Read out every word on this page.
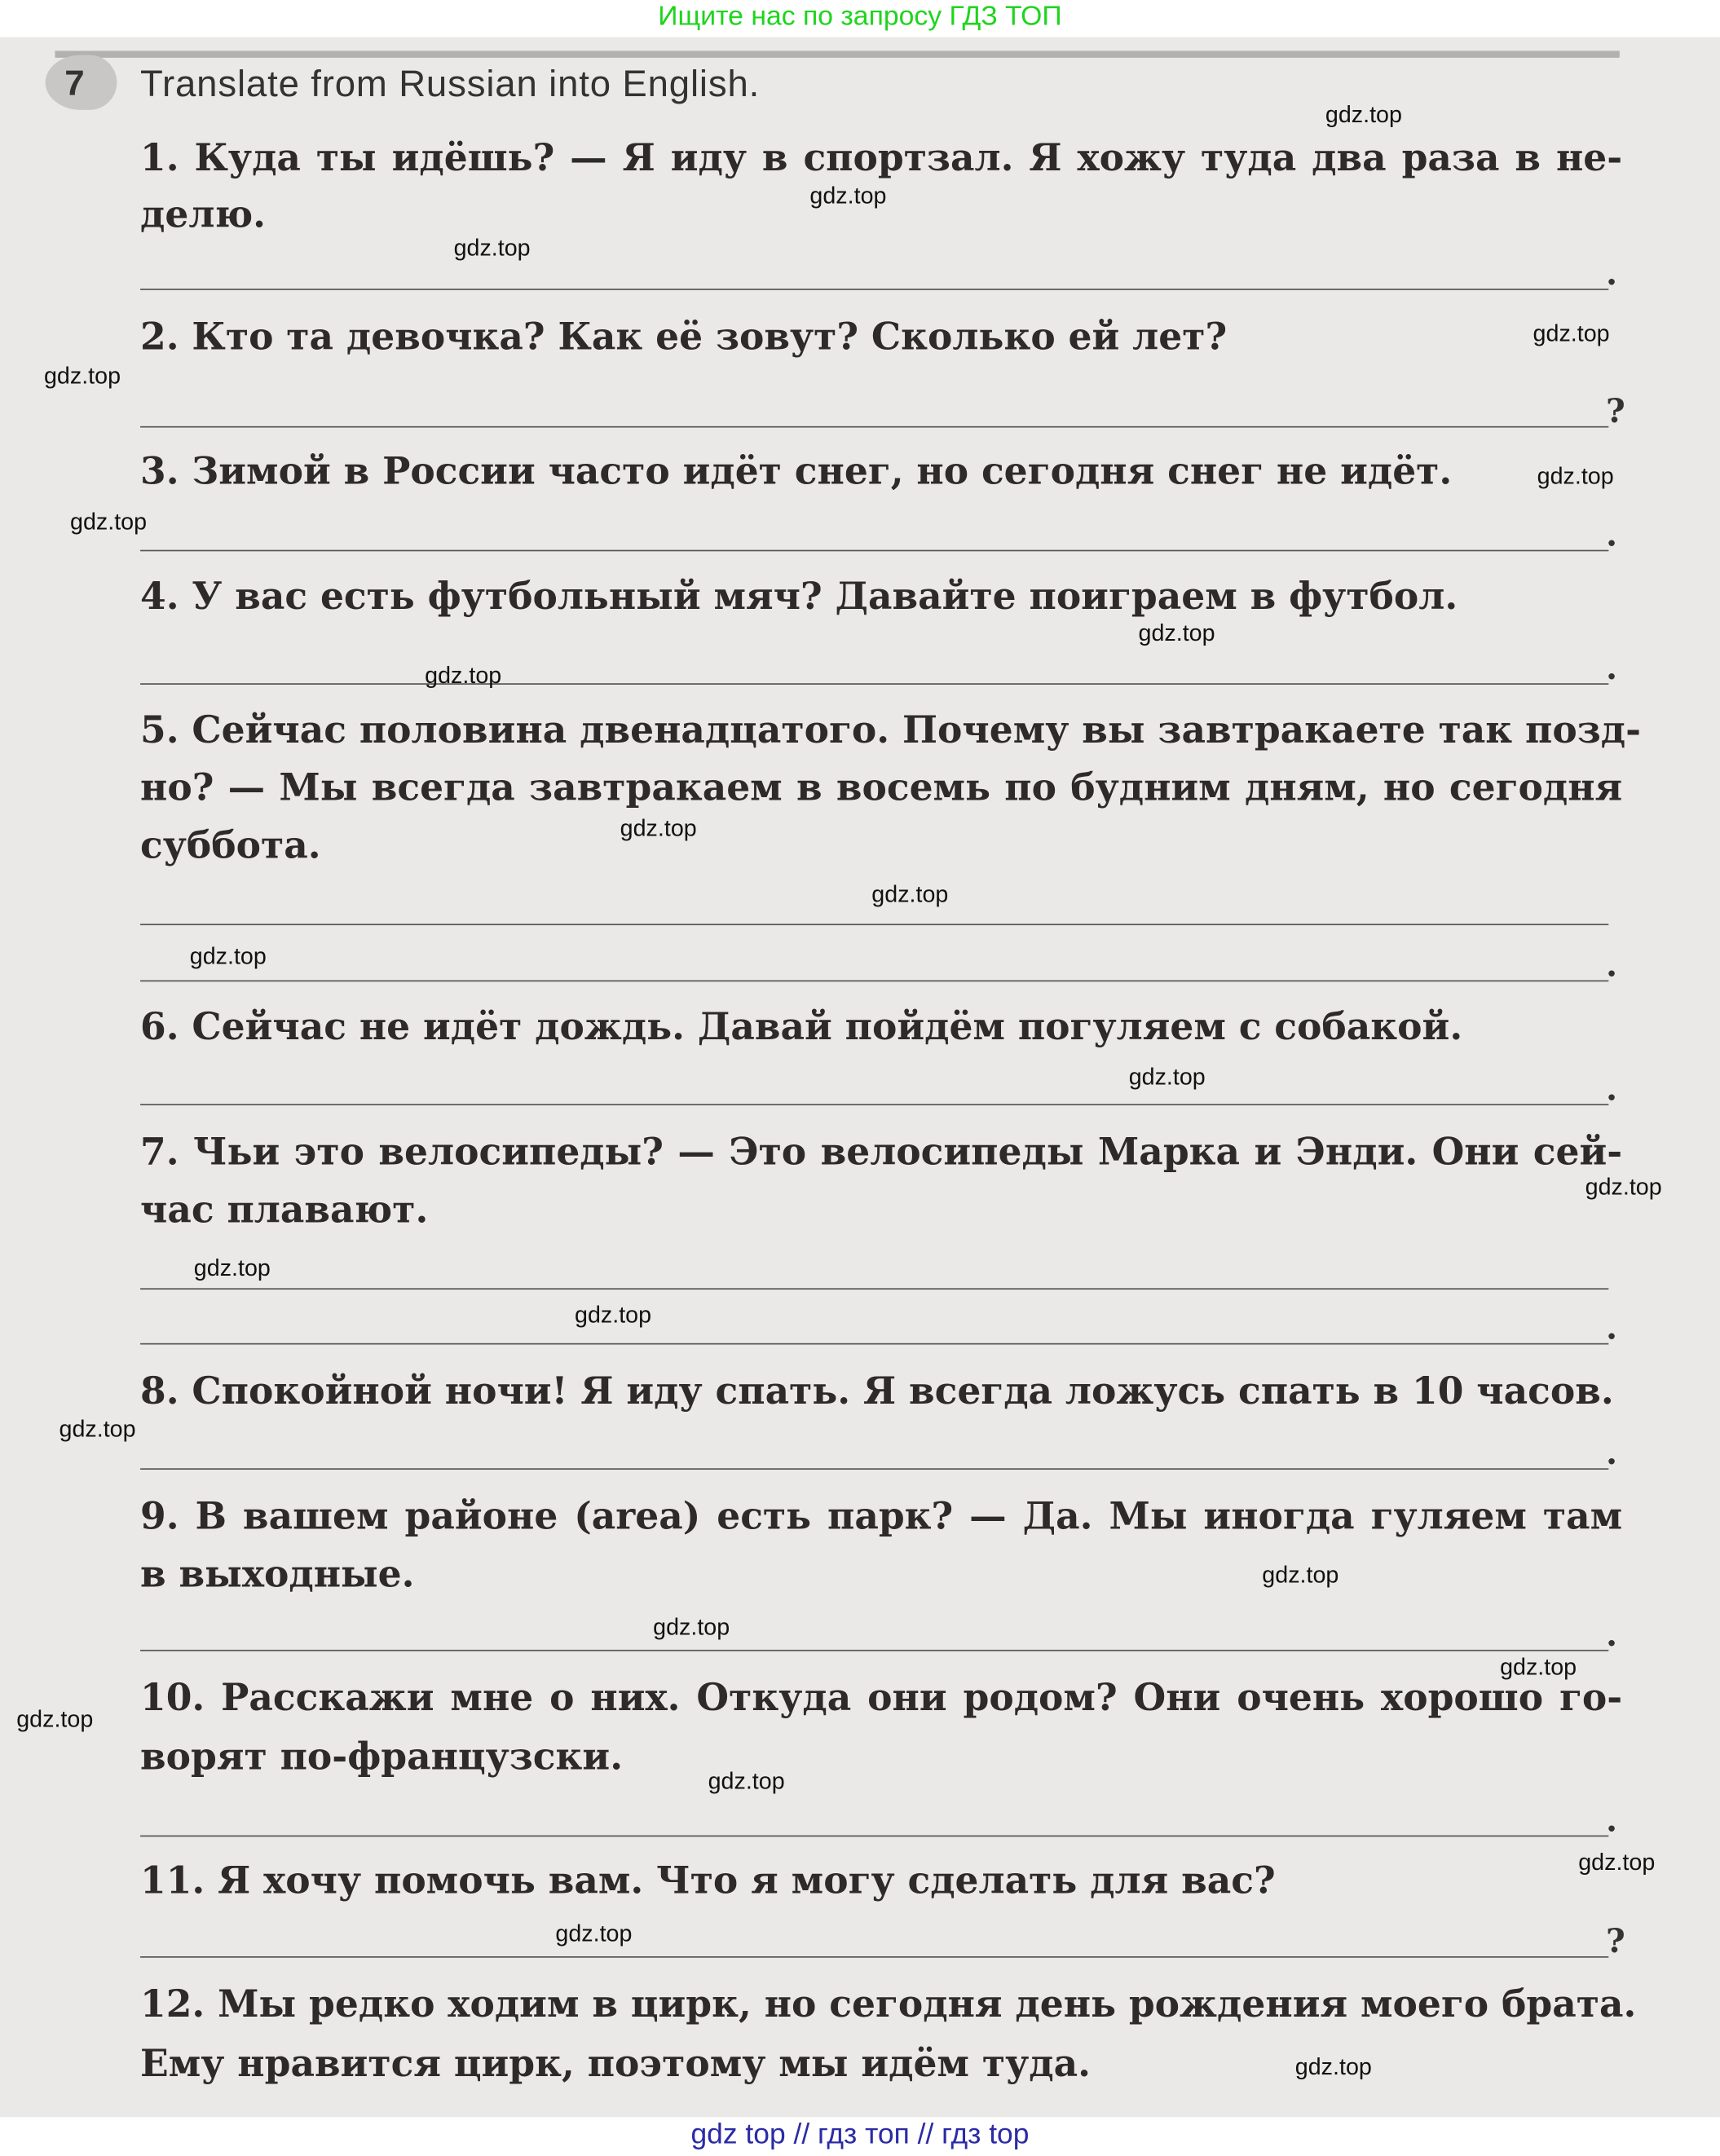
Ищите нас по запросу ГДЗ ТОП
7	Translate from Russian into English.
1. Куда ты идёшь? — Я иду в спортзал. Я хожу туда два раза в не-
делю.
.
2. Кто та девочка? Как её зовут? Сколько ей лет?
?
3. Зимой в России часто идёт снег, но сегодня снег не идёт.
.
4. У вас есть футбольный мяч? Давайте поиграем в футбол.
.
5. Сейчас половина двенадцатого. Почему вы завтракаете так позд-
но? — Мы всегда завтракаем в восемь по будним дням, но сегодня
суббота.
.
6. Сейчас не идёт дождь. Давай пойдём погуляем с собакой.
.
7. Чьи это велосипеды? — Это велосипеды Марка и Энди. Они сей-
час плавают.
.
8. Спокойной ночи! Я иду спать. Я всегда ложусь спать в 10 часов.
.
9. В вашем районе (area) есть парк? — Да. Мы иногда гуляем там
в выходные.
.
10. Расскажи мне о них. Откуда они родом? Они очень хорошо го-
ворят по-французски.
.
11. Я хочу помочь вам. Что я могу сделать для вас?
?
12. Мы редко ходим в цирк, но сегодня день рождения моего брата.
Ему нравится цирк, поэтому мы идём туда.
gdz.top
gdz.top
gdz.top
gdz.top
gdz.top
gdz.top
gdz.top
gdz.top
gdz.top
gdz.top
gdz.top
gdz.top
gdz.top
gdz.top
gdz.top
gdz.top
gdz.top
gdz.top
gdz.top
gdz.top
gdz.top
gdz.top
gdz.top
gdz.top
gdz.top
gdz top // гдз топ // гдз top
